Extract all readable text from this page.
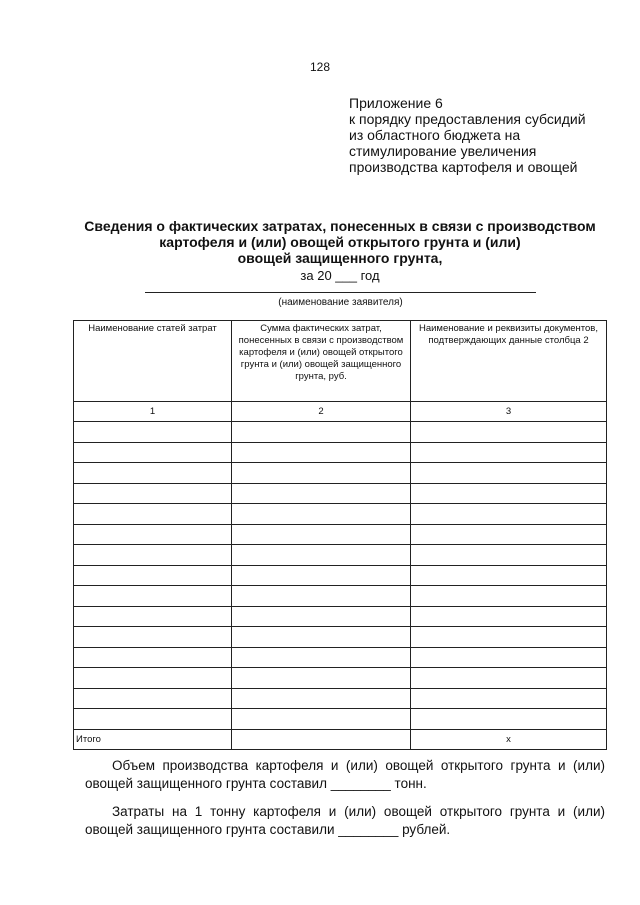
128
Приложение 6
к порядку предоставления субсидий
из областного бюджета на
стимулирование увеличения
производства картофеля и овощей
Сведения о фактических затратах, понесенных в связи с производством
картофеля и (или) овощей открытого грунта и (или)
овощей защищенного грунта,
за 20 ___ год
(наименование заявителя)
Наименование статей затрат	Сумма фактических затрат, понесенных в связи с производством картофеля и (или) овощей открытого грунта и (или) овощей защищенного грунта, руб.	Наименование и реквизиты документов, подтверждающих данные столбца 2
1	2	3

Итого		x
Объем производства картофеля и (или) овощей открытого грунта и (или) овощей защищенного грунта составил ________ тонн.
Затраты на 1 тонну картофеля и (или) овощей открытого грунта и (или) овощей защищенного грунта составили ________ рублей.
